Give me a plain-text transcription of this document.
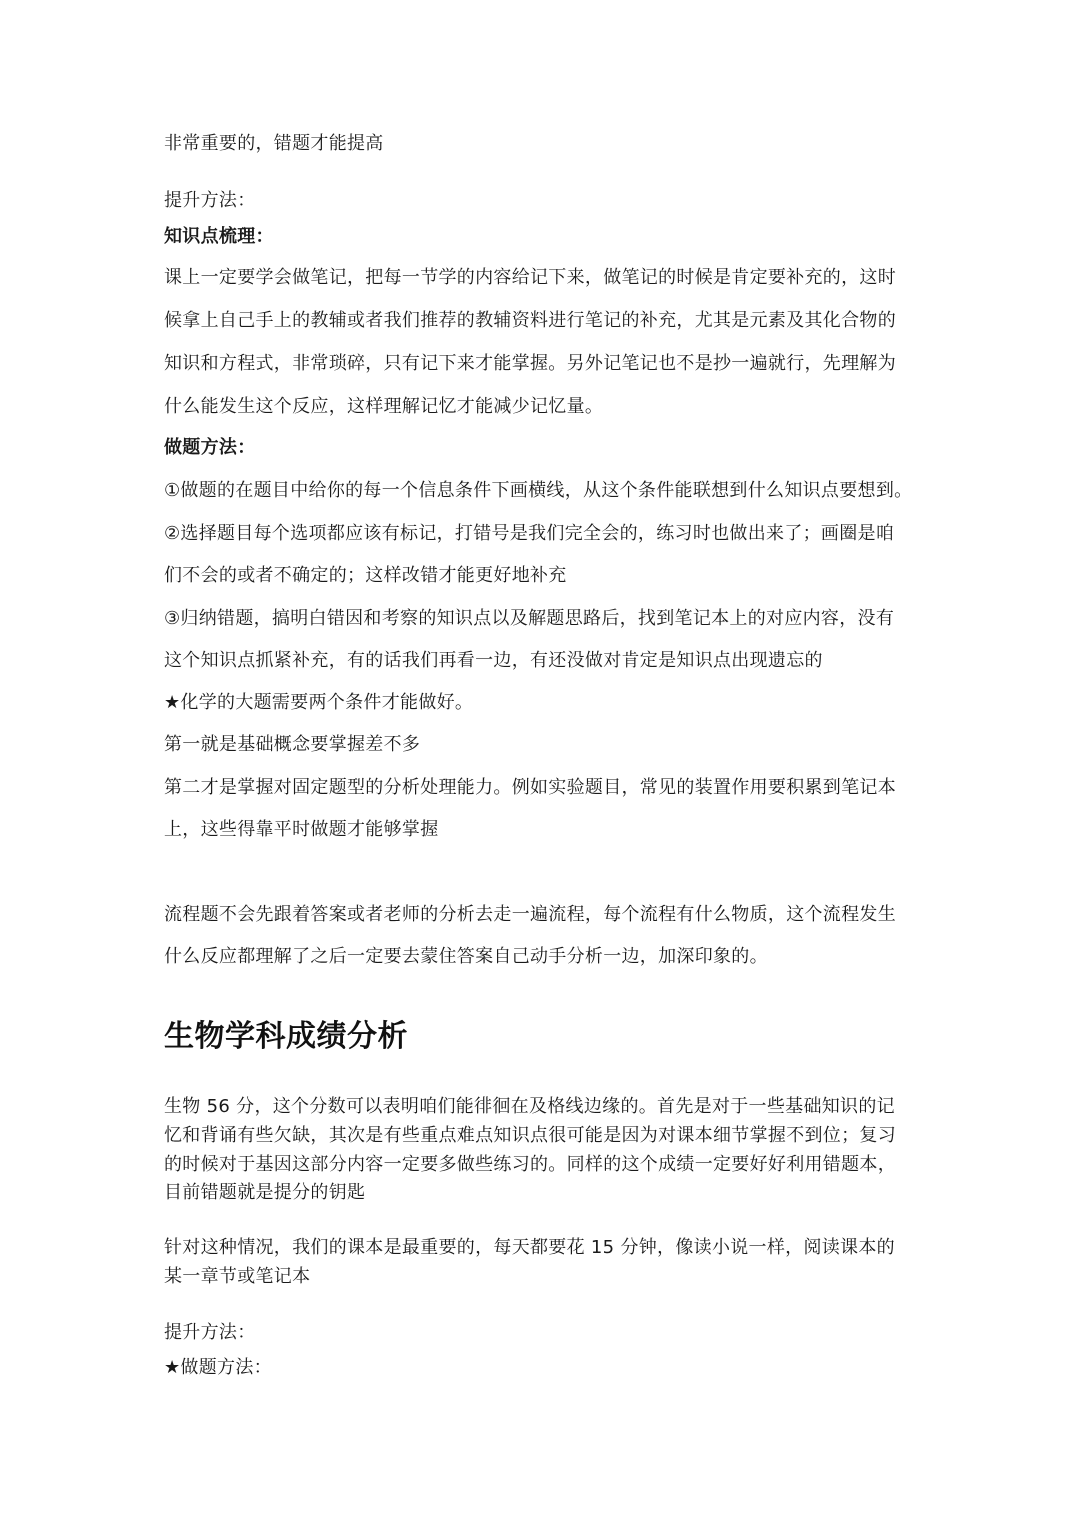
非常重要的，错题才能提高
提升方法：
知识点梳理：
课上一定要学会做笔记，把每一节学的内容给记下来，做笔记的时候是肯定要补充的，这时
候拿上自己手上的教辅或者我们推荐的教辅资料进行笔记的补充，尤其是元素及其化合物的
知识和方程式，非常琐碎，只有记下来才能掌握。另外记笔记也不是抄一遍就行，先理解为
什么能发生这个反应，这样理解记忆才能减少记忆量。
做题方法：
①做题的在题目中给你的每一个信息条件下画横线，从这个条件能联想到什么知识点要想到。
②选择题目每个选项都应该有标记，打错号是我们完全会的，练习时也做出来了；画圈是咱
们不会的或者不确定的；这样改错才能更好地补充
③归纳错题，搞明白错因和考察的知识点以及解题思路后，找到笔记本上的对应内容，没有
这个知识点抓紧补充，有的话我们再看一边，有还没做对肯定是知识点出现遗忘的
★化学的大题需要两个条件才能做好。
第一就是基础概念要掌握差不多
第二才是掌握对固定题型的分析处理能力。例如实验题目，常见的装置作用要积累到笔记本
上，这些得靠平时做题才能够掌握
流程题不会先跟着答案或者老师的分析去走一遍流程，每个流程有什么物质，这个流程发生
什么反应都理解了之后一定要去蒙住答案自己动手分析一边，加深印象的。
生物学科成绩分析
生物 56 分，这个分数可以表明咱们能徘徊在及格线边缘的。首先是对于一些基础知识的记
忆和背诵有些欠缺，其次是有些重点难点知识点很可能是因为对课本细节掌握不到位；复习
的时候对于基因这部分内容一定要多做些练习的。同样的这个成绩一定要好好利用错题本，
目前错题就是提分的钥匙
针对这种情况，我们的课本是最重要的，每天都要花 15 分钟，像读小说一样，阅读课本的
某一章节或笔记本
提升方法：
★做题方法：
